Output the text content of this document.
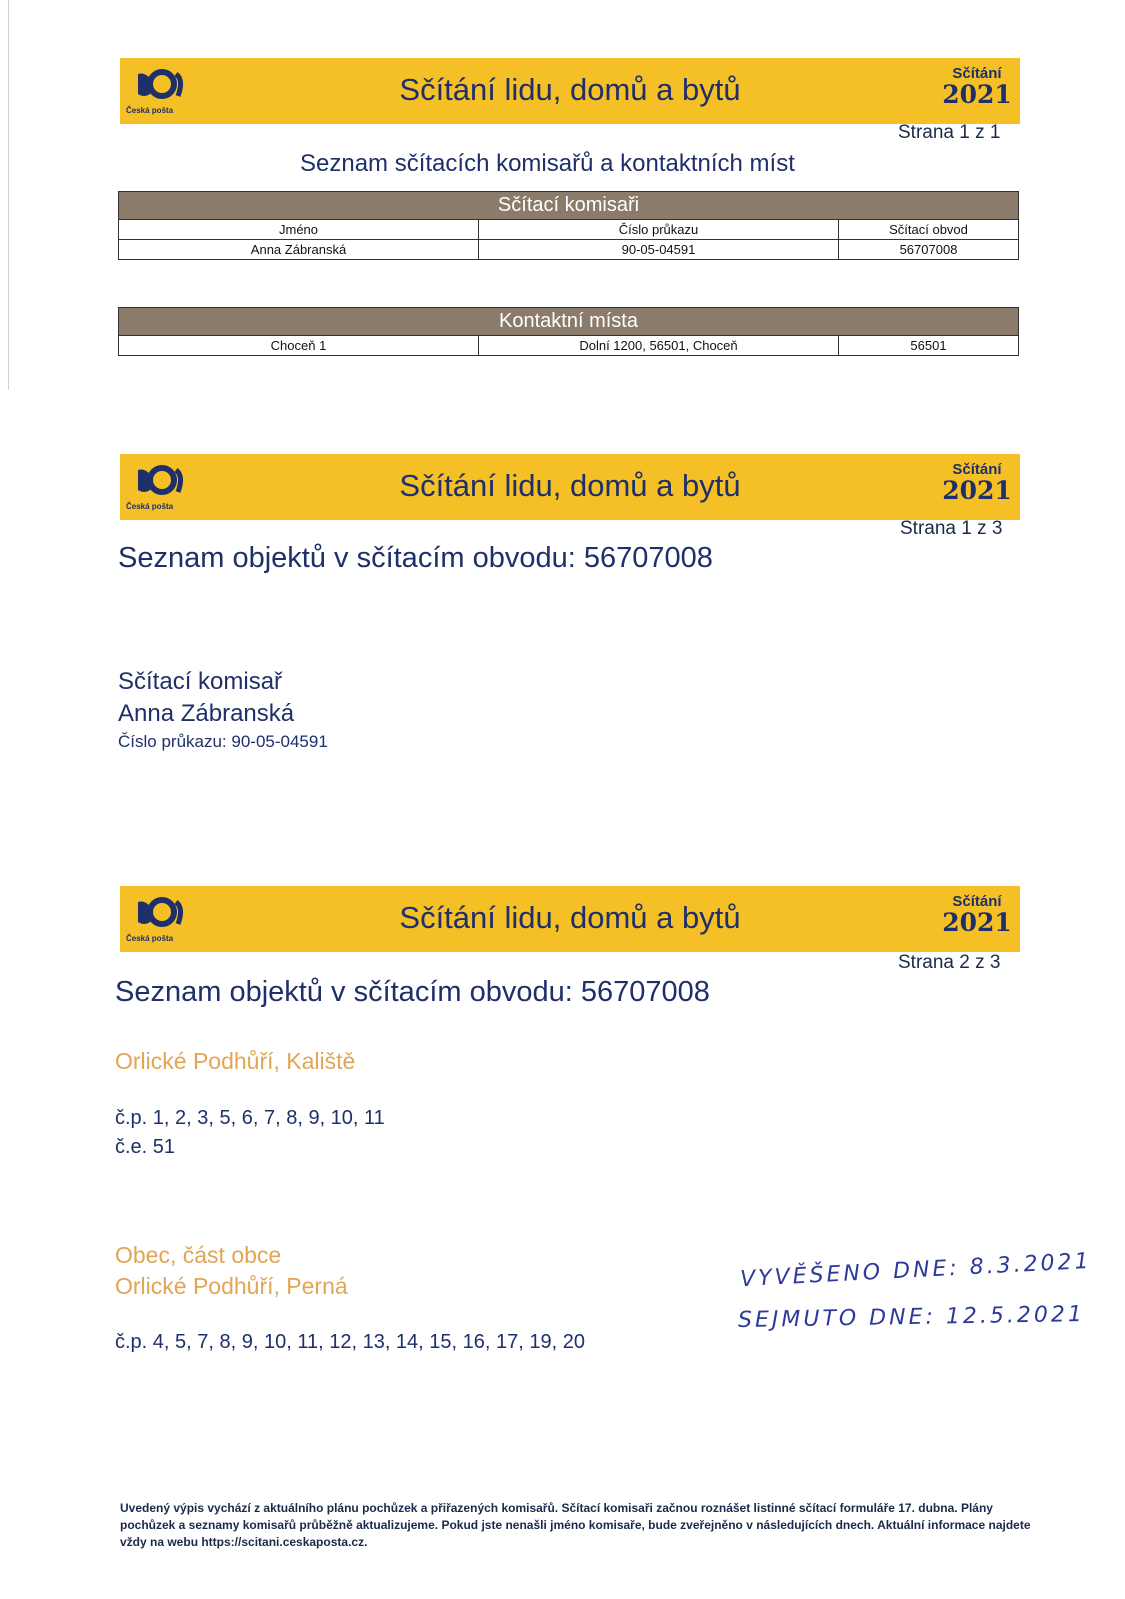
Česká pošta
Sčítání lidu, domů a bytů	Sčítání
2021
Strana 1 z 1
Seznam sčítacích komisařů a kontaktních míst
Sčítací komisaři		
Jméno	Číslo průkazu	Sčítací obvod
Anna Zábranská	90-05-04591	56707008
Kontaktní místa
Choceň 1	Dolní 1200, 56501, Choceň	56501
Česká pošta
Sčítání lidu, domů a bytů	Sčítání
2021
Strana 1 z 3
Seznam objektů v sčítacím obvodu: 56707008
Sčítací komisař
Anna Zábranská
Číslo průkazu: 90-05-04591
Česká pošta
Sčítání lidu, domů a bytů	Sčítání
2021
Strana 2 z 3
Seznam objektů v sčítacím obvodu: 56707008
Orlické Podhůří, Kaliště
č.p. 1, 2, 3, 5, 6, 7, 8, 9, 10, 11
č.e. 51
Obec, část obce
Orlické Podhůří, Perná
č.p. 4, 5, 7, 8, 9, 10, 11, 12, 13, 14, 15, 16, 17, 19, 20
VYVĚŠENO DNE: 8.3.2021
SEJMUTO DNE: 12.5.2021
Uvedený výpis vychází z aktuálního plánu pochůzek a přiřazených komisařů. Sčítací komisaři začnou roznášet listinné sčítací formuláře 17. dubna. Plány pochůzek a seznamy komisařů průběžně aktualizujeme. Pokud jste nenašli jméno komisaře, bude zveřejněno v následujících dnech. Aktuální informace najdete vždy na webu https://scitani.ceskaposta.cz.
